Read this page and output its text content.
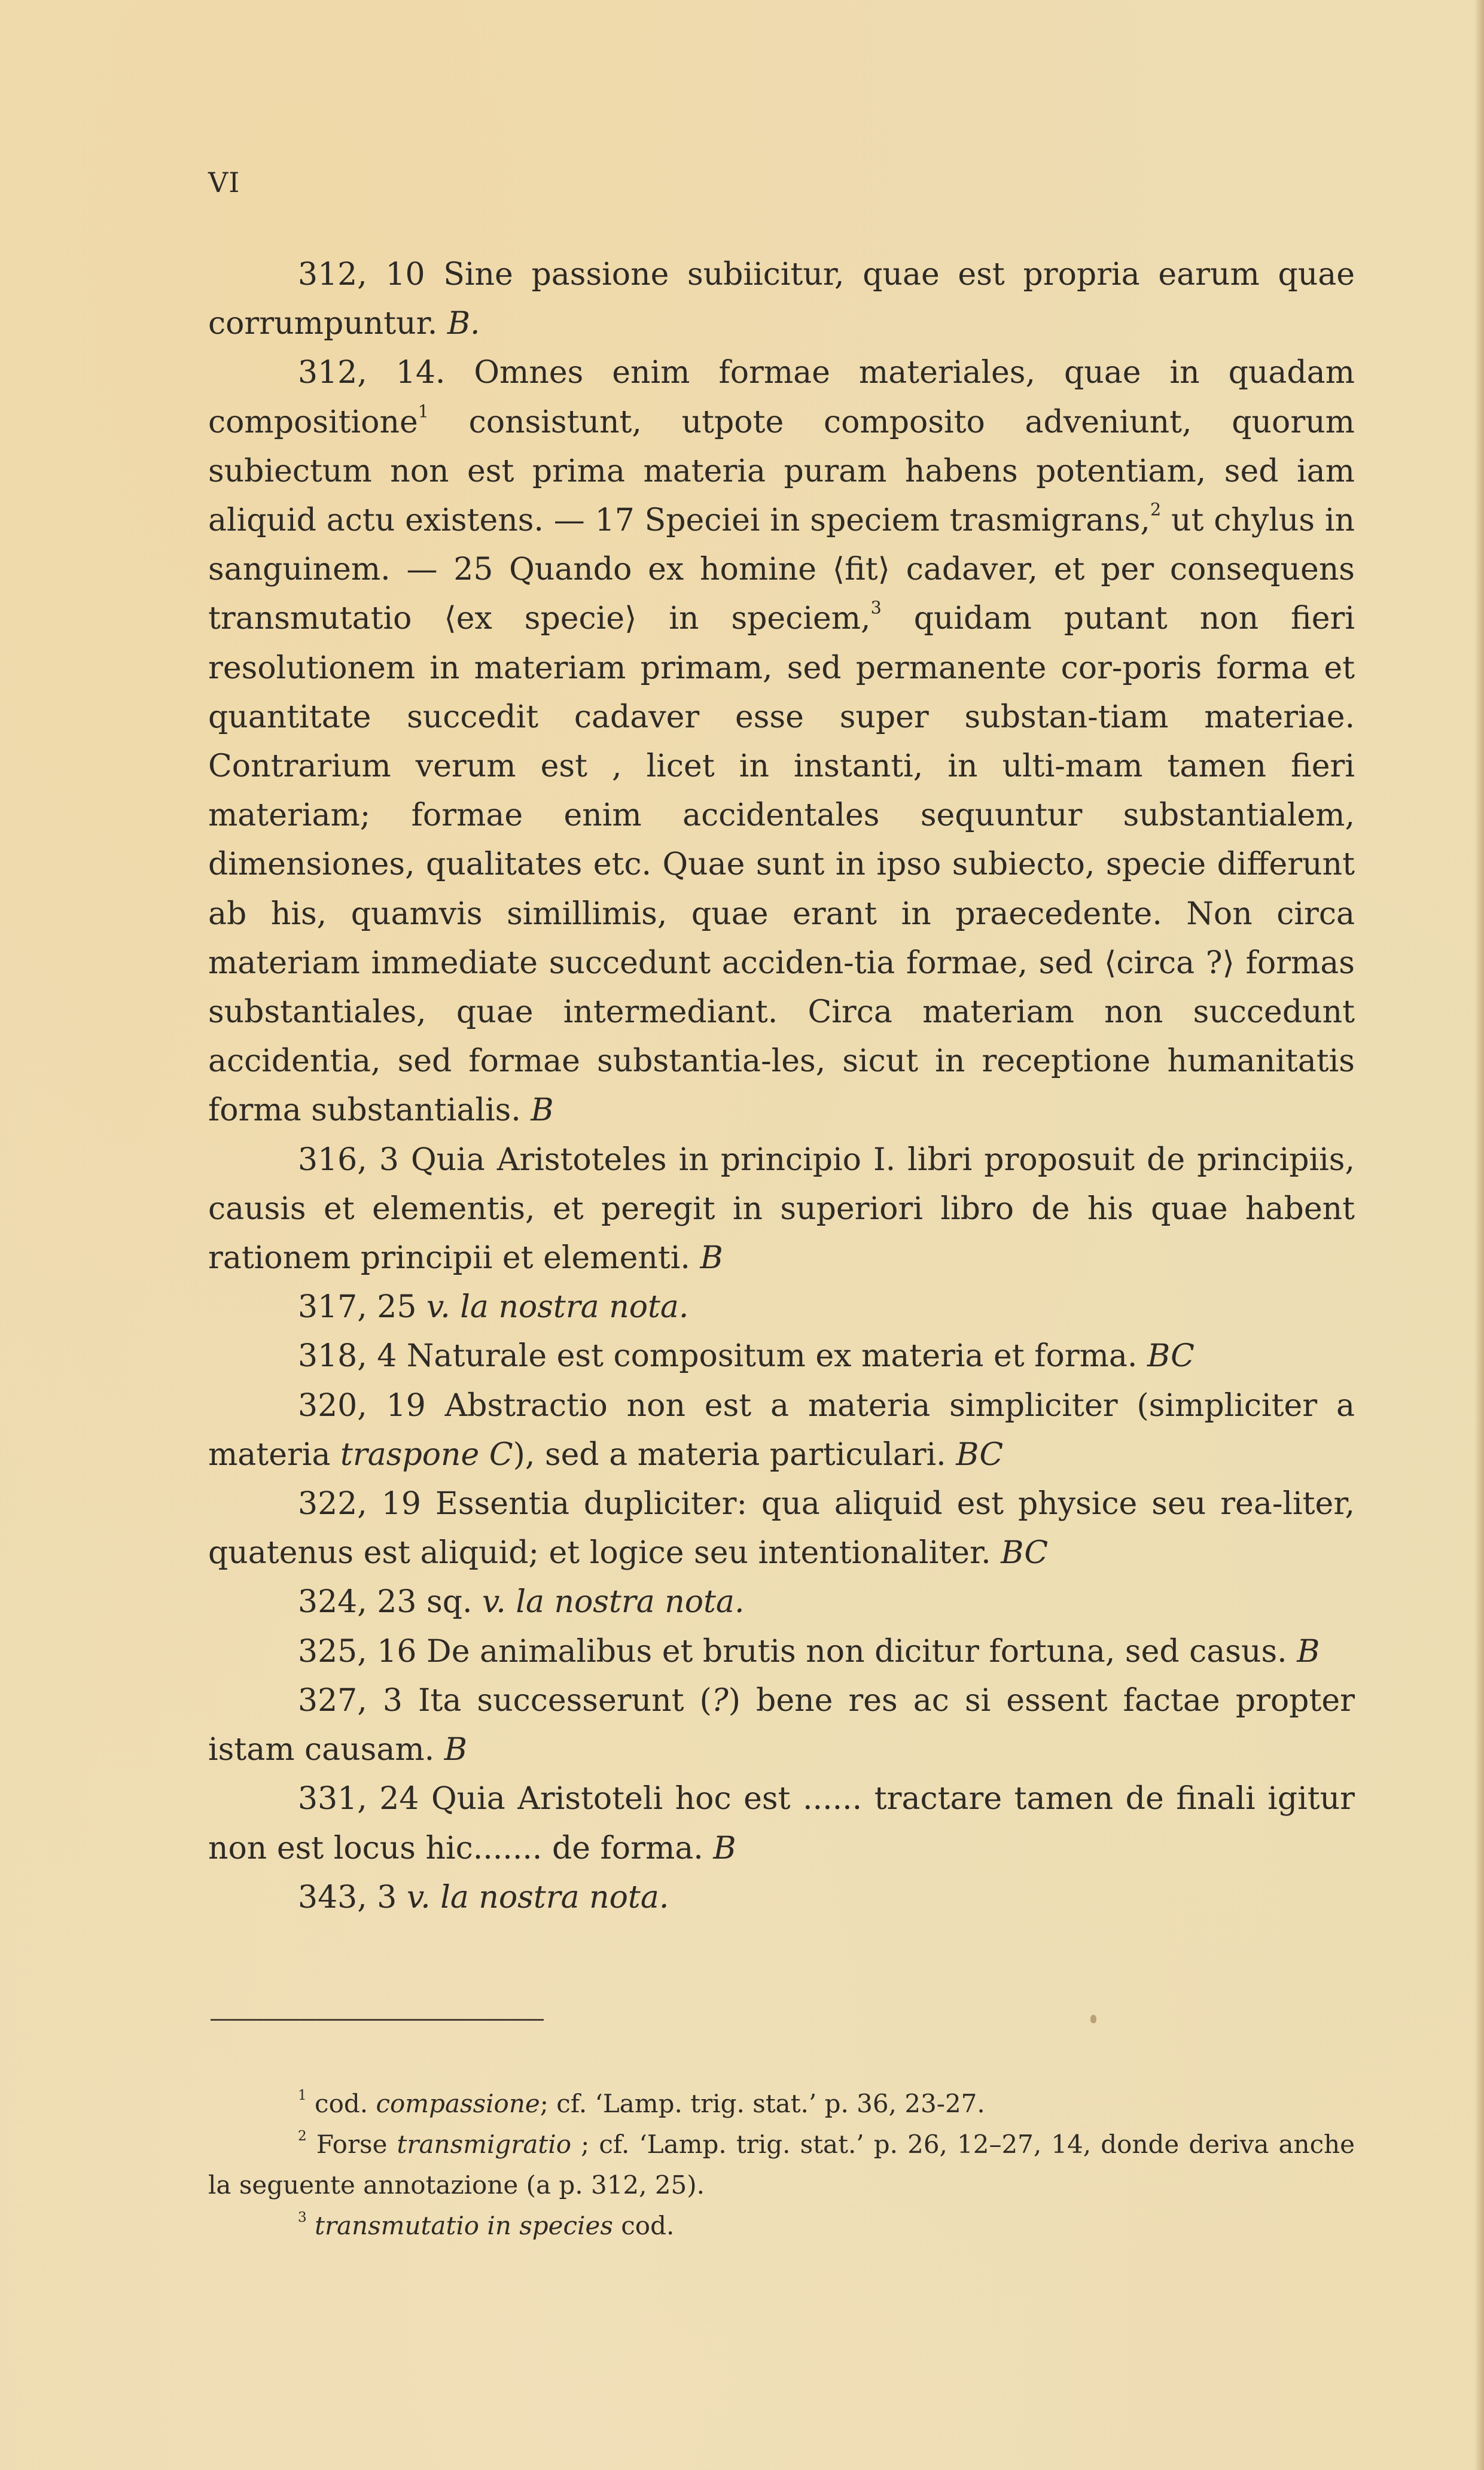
VI

312, 10 Sine passione subiicitur, quae est propria earum quae corrumpuntur. B.

312, 14. Omnes enim formae materiales, quae in quadam compositione$^1$ consistunt, utpote composito adveniunt, quorum subiectum non est prima materia puram habens potentiam, sed iam aliquid actu existens. — 17 Speciei in speciem trasmigrans,$^2$ ut chylus in sanguinem. — 25 Quando ex homine ⟨fit⟩ cadaver, et per consequens transmutatio ⟨ex specie⟩ in speciem,$^3$ quidam putant non fieri resolutionem in materiam primam, sed permanente cor-poris forma et quantitate succedit cadaver esse super substan-tiam materiae. Contrarium verum est , licet in instanti, in ulti-mam tamen fieri materiam; formae enim accidentales sequuntur substantialem, dimensiones, qualitates etc. Quae sunt in ipso subiecto, specie differunt ab his, quamvis simillimis, quae erant in praecedente. Non circa materiam immediate succedunt acciden-tia formae, sed ⟨circa ?⟩ formas substantiales, quae intermediant. Circa materiam non succedunt accidentia, sed formae substantia-les, sicut in receptione humanitatis forma substantialis. B

316, 3 Quia Aristoteles in principio I. libri proposuit de principiis, causis et elementis, et peregit in superiori libro de his quae habent rationem principii et elementi. B

317, 25 v. la nostra nota.

318, 4 Naturale est compositum ex materia et forma. BC

320, 19 Abstractio non est a materia simpliciter (simpliciter a materia traspone C), sed a materia particulari. BC

322, 19 Essentia dupliciter: qua aliquid est physice seu rea-liter, quatenus est aliquid; et logice seu intentionaliter. BC

324, 23 sq. v. la nostra nota.

325, 16 De animalibus et brutis non dicitur fortuna, sed casus. B

327, 3 Ita successerunt (?) bene res ac si essent factae propter istam causam. B

331, 24 Quia Aristoteli hoc est ...... tractare tamen de finali igitur non est locus hic....... de forma. B

343, 3 v. la nostra nota.

$^1$ cod. compassione; cf. ‘Lamp. trig. stat.’ p. 36, 23-27.

$^2$ Forse transmigratio ; cf. ‘Lamp. trig. stat.’ p. 26, 12–27, 14, donde deriva anche la seguente annotazione (a p. 312, 25).

$^3$ transmutatio in species cod.
